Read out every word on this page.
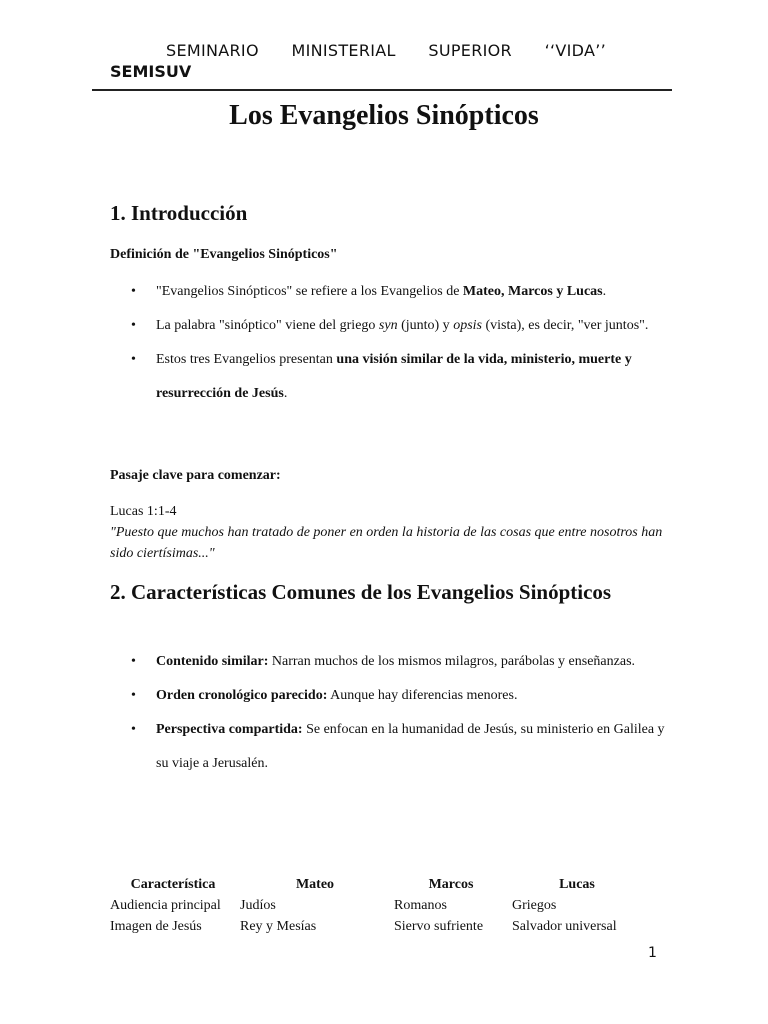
SEMINARIO MINISTERIAL SUPERIOR ‘‘VIDA’’
SEMISUV
Los Evangelios Sinópticos
1. Introducción

Definición de "Evangelios Sinópticos"

• "Evangelios Sinópticos" se refiere a los Evangelios de Mateo, Marcos y Lucas.
• La palabra "sinóptico" viene del griego syn (junto) y opsis (vista), es decir, "ver juntos".
• Estos tres Evangelios presentan una visión similar de la vida, ministerio, muerte y resurrección de Jesús.

Pasaje clave para comenzar:

Lucas 1:1-4

"Puesto que muchos han tratado de poner en orden la historia de las cosas que entre nosotros han sido ciertísimas..."

2. Características Comunes de los Evangelios Sinópticos
• Contenido similar: Narran muchos de los mismos milagros, parábolas y enseñanzas.
• Orden cronológico parecido: Aunque hay diferencias menores.
• Perspectiva compartida: Se enfocan en la humanidad de Jesús, su ministerio en Galilea y su viaje a Jerusalén.
Característica	Mateo	Marcos	Lucas
Audiencia principal	Judíos	Romanos	Griegos
Imagen de Jesús	Rey y Mesías	Siervo sufriente	Salvador universal
1
